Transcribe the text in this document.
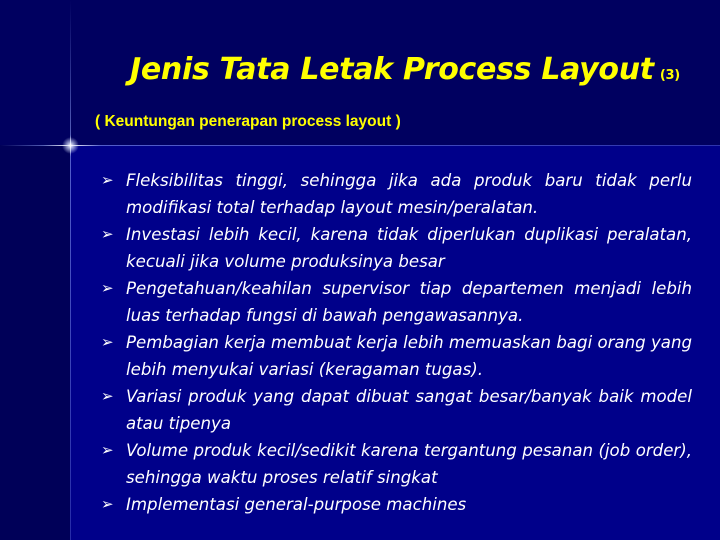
Jenis Tata Letak Process Layout (3)
( Keuntungan penerapan process layout )
➢ Fleksibilitas tinggi, sehingga jika ada produk baru tidak perlu modifikasi total terhadap layout mesin/peralatan.
➢ Investasi lebih kecil, karena tidak diperlukan duplikasi peralatan, kecuali jika volume produksinya besar
➢ Pengetahuan/keahilan supervisor tiap departemen menjadi lebih luas terhadap fungsi di bawah pengawasannya.
➢ Pembagian kerja membuat kerja lebih memuaskan bagi orang yang lebih menyukai variasi (keragaman tugas).
➢ Variasi produk yang dapat dibuat sangat besar/banyak baik model atau tipenya
➢ Volume produk kecil/sedikit karena tergantung pesanan (job order), sehingga waktu proses relatif singkat
➢ Implementasi general-purpose machines
